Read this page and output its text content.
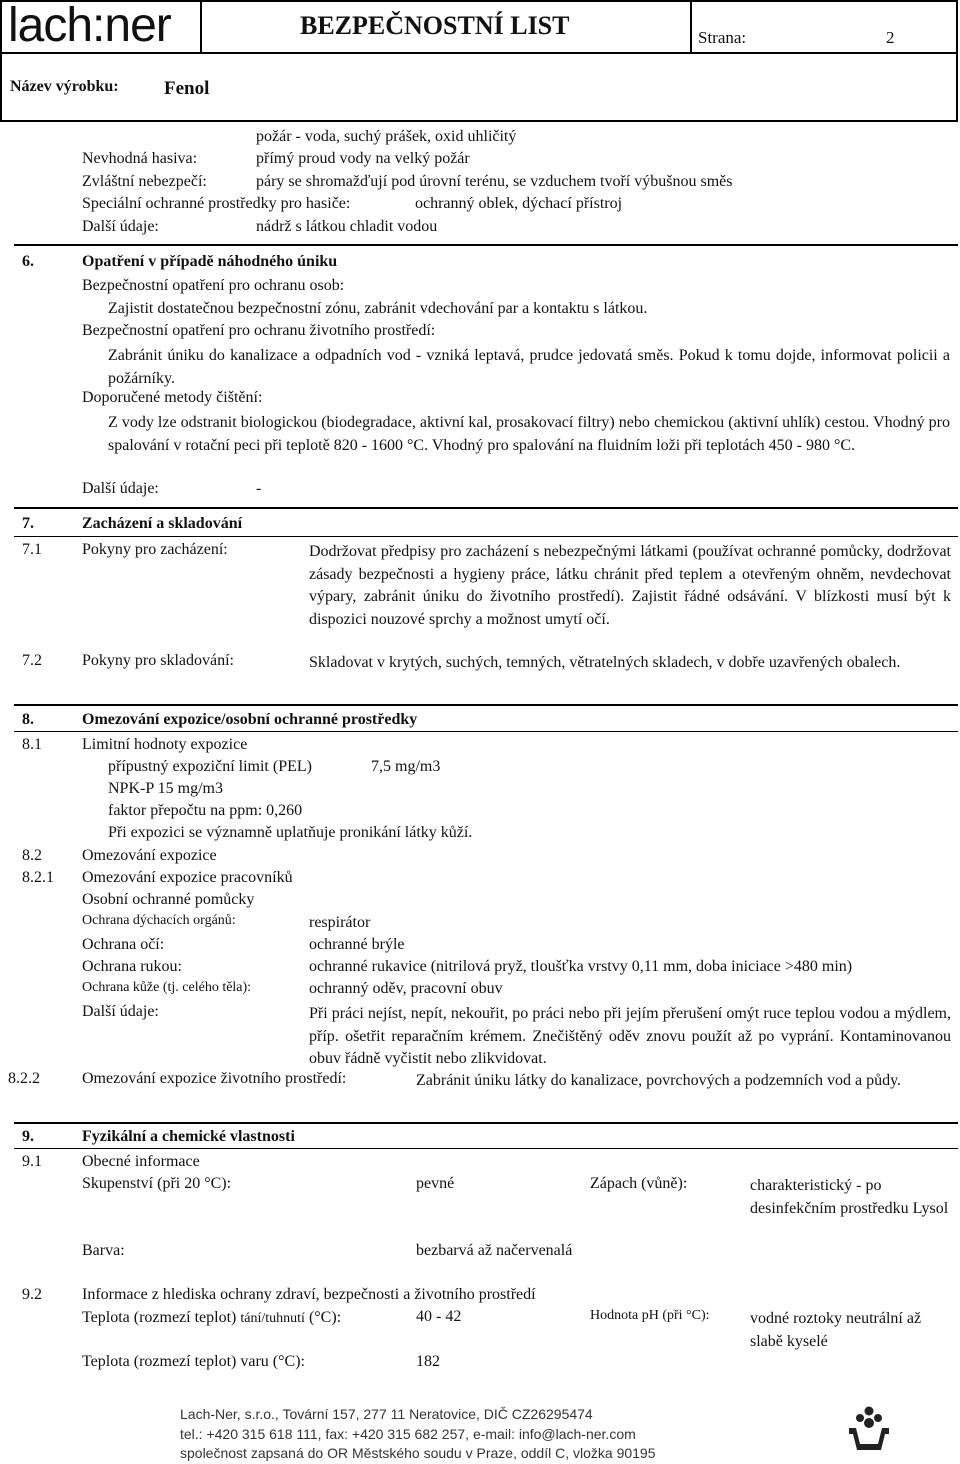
lach:ner	BEZPEČNOSTNÍ LIST	Strana:	2
Název výrobku: Fenol
požár - voda, suchý prášek, oxid uhličitý
Nevhodná hasiva:	přímý proud vody na velký požár
Zvláštní nebezpečí:	páry se shromažďují pod úrovní terénu, se vzduchem tvoří výbušnou směs
Speciální ochranné prostředky pro hasiče:	ochranný oblek, dýchací přístroj
Další údaje:	nádrž s látkou chladit vodou
6.	Opatření v případě náhodného úniku
Bezpečnostní opatření pro ochranu osob:
Zajistit dostatečnou bezpečnostní zónu, zabránit vdechování par a kontaktu s látkou.
Bezpečnostní opatření pro ochranu životního prostředí:
Zabránit úniku do kanalizace a odpadních vod - vzniká leptavá, prudce jedovatá směs. Pokud k tomu dojde, informovat policii a požárníky.
Doporučené metody čištění:
Z vody lze odstranit biologickou (biodegradace, aktivní kal, prosakovací filtry) nebo chemickou (aktivní uhlík) cestou. Vhodný pro spalování v rotační peci při teplotě 820 - 1600 °C. Vhodný pro spalování na fluidním loži při teplotách 450 - 980 °C.
Další údaje:	-
7.	Zacházení a skladování
7.1	Pokyny pro zacházení:	Dodržovat předpisy pro zacházení s nebezpečnými látkami (používat ochranné pomůcky, dodržovat zásady bezpečnosti a hygieny práce, látku chránit před teplem a otevřeným ohněm, nevdechovat výpary, zabránit úniku do životního prostředí). Zajistit řádné odsávání. V blízkosti musí být k dispozici nouzové sprchy a možnost umytí očí.
7.2	Pokyny pro skladování:	Skladovat v krytých, suchých, temných, větratelných skladech, v dobře uzavřených obalech.
8.	Omezování expozice/osobní ochranné prostředky
8.1	Limitní hodnoty expozice
přípustný expoziční limit (PEL)	7,5 mg/m3
NPK-P 15 mg/m3
faktor přepočtu na ppm: 0,260
Při expozici se významně uplatňuje pronikání látky kůží.
8.2	Omezování expozice
8.2.1 Omezování expozice pracovníků
Osobní ochranné pomůcky
Ochrana dýchacích orgánů:	respirátor
Ochrana očí:	ochranné brýle
Ochrana rukou:	ochranné rukavice (nitrilová pryž, tloušťka vrstvy 0,11 mm, doba iniciace >480 min)
Ochrana kůže (tj. celého těla):	ochranný oděv, pracovní obuv
Další údaje:	Při práci nejíst, nepít, nekouřit, po práci nebo při jejím přerušení omýt ruce teplou vodou a mýdlem, příp. ošetřit reparačním krémem. Znečištěný oděv znovu použít až po vyprání. Kontaminovanou obuv řádně vyčistit nebo zlikvidovat.
8.2.2	Omezování expozice životního prostředí:	Zabránit úniku látky do kanalizace, povrchových a podzemních vod a půdy.
9.	Fyzikální a chemické vlastnosti
9.1	Obecné informace
Skupenství (při 20 °C):	pevné	Zápach (vůně):	charakteristický - po desinfekčním prostředku Lysol
Barva:	bezbarvá až načervenalá
9.2	Informace z hlediska ochrany zdraví, bezpečnosti a životního prostředí
Teplota (rozmezí teplot) tání/tuhnutí (°C):	40 - 42	Hodnota pH (při °C):	vodné roztoky neutrální až slabě kyselé
Teplota (rozmezí teplot) varu (°C):	182
Lach-Ner, s.r.o., Tovární 157, 277 11 Neratovice, DIČ CZ26295474
tel.: +420 315 618 111, fax: +420 315 682 257, e-mail: info@lach-ner.com
společnost zapsaná do OR Městského soudu v Praze, oddíl C, vložka 90195
